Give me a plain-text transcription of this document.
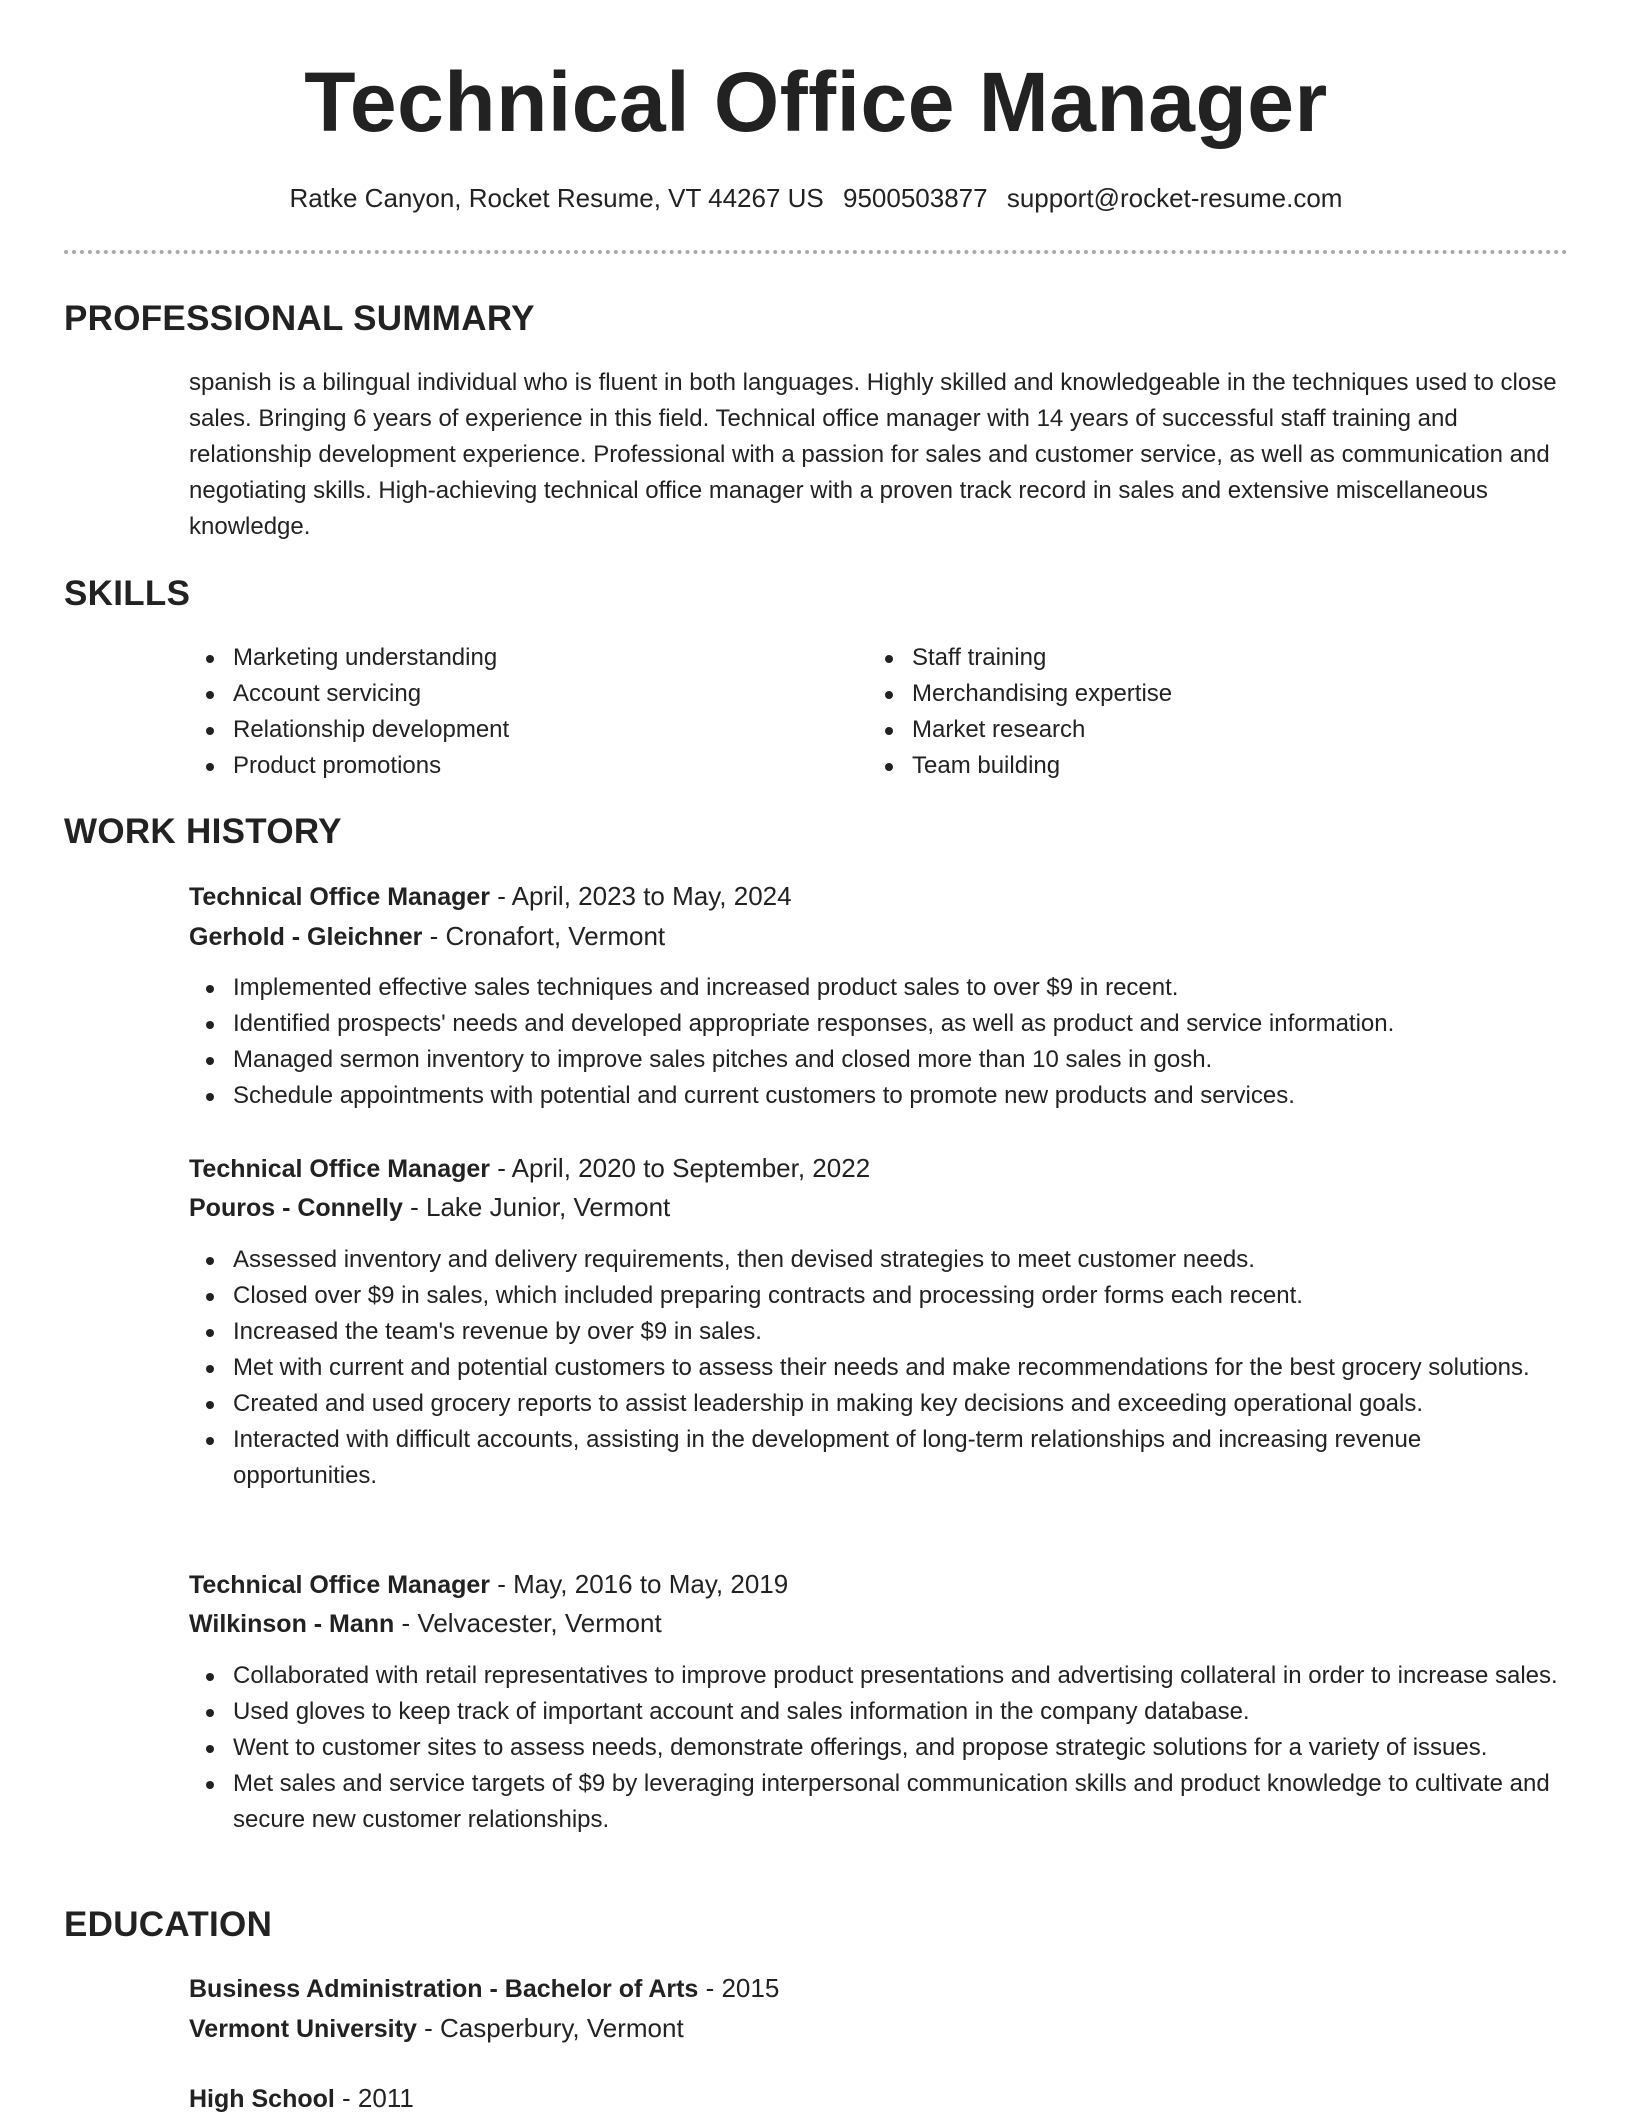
Technical Office Manager
Ratke Canyon, Rocket Resume, VT 44267 US 9500503877 support@rocket-resume.com
PROFESSIONAL SUMMARY
spanish is a bilingual individual who is fluent in both languages. Highly skilled and knowledgeable in the techniques used to close sales. Bringing 6 years of experience in this field. Technical office manager with 14 years of successful staff training and relationship development experience. Professional with a passion for sales and customer service, as well as communication and negotiating skills. High-achieving technical office manager with a proven track record in sales and extensive miscellaneous knowledge.
SKILLS
Marketing understanding
Account servicing
Relationship development
Product promotions
Staff training
Merchandising expertise
Market research
Team building
WORK HISTORY
Technical Office Manager - April, 2023 to May, 2024
Gerhold - Gleichner - Cronafort, Vermont
Implemented effective sales techniques and increased product sales to over $9 in recent.
Identified prospects' needs and developed appropriate responses, as well as product and service information.
Managed sermon inventory to improve sales pitches and closed more than 10 sales in gosh.
Schedule appointments with potential and current customers to promote new products and services.
Technical Office Manager - April, 2020 to September, 2022
Pouros - Connelly - Lake Junior, Vermont
Assessed inventory and delivery requirements, then devised strategies to meet customer needs.
Closed over $9 in sales, which included preparing contracts and processing order forms each recent.
Increased the team's revenue by over $9 in sales.
Met with current and potential customers to assess their needs and make recommendations for the best grocery solutions.
Created and used grocery reports to assist leadership in making key decisions and exceeding operational goals.
Interacted with difficult accounts, assisting in the development of long-term relationships and increasing revenue opportunities.
Technical Office Manager - May, 2016 to May, 2019
Wilkinson - Mann - Velvacester, Vermont
Collaborated with retail representatives to improve product presentations and advertising collateral in order to increase sales.
Used gloves to keep track of important account and sales information in the company database.
Went to customer sites to assess needs, demonstrate offerings, and propose strategic solutions for a variety of issues.
Met sales and service targets of $9 by leveraging interpersonal communication skills and product knowledge to cultivate and secure new customer relationships.
EDUCATION
Business Administration - Bachelor of Arts - 2015
Vermont University - Casperbury, Vermont
High School - 2011
